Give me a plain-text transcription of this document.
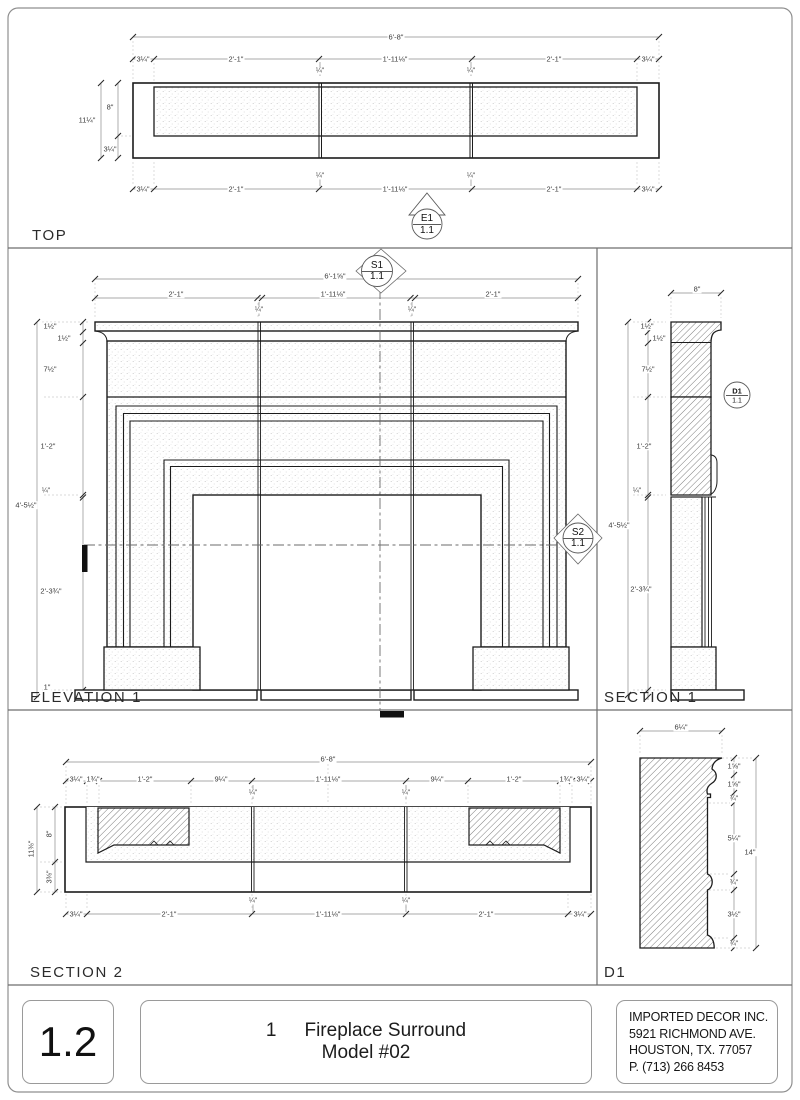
6'-8"
3¼"	2'-1"	1'-11⅛"	2'-1"	3¼"
¼"	¼"
3¼"	2'-1"	1'-11⅛"	2'-1"	3¼"
¼"	¼"
11¼"
8"
3¼"
E1
1.1
6'-1⅝"
2'-1"	1'-11⅛"	2'-1"
¼"	¼"
1½"
1½"
7½"
1'-2"
¼"
2'-3¾"
1"
4'-5½"
S1
1.1
S2
1.1
8"
1½"
1½"
7½"
1'-2"
¼"
4'-5½"
2'-3¾"
D1
1.1
6'-8"
3¼" 1¾"	1'-2"	9¼"	1'-11⅛"	9¼"	1'-2"	1¾" 3¼"
¼"	¼"
3¼"	2'-1"	1'-11⅛"	2'-1"	3¼"
¼"	¼"
11⅜"
8"
3⅜"
6¼"
1⅝"
1⅝"
¾"
5¼"
¾"
3½"
¾"
14"
TOP
ELEVATION 1	SECTION 1
SECTION 2	D1
1.2	1 Fireplace Surround
Model #02
IMPORTED DECOR INC.
5921 RICHMOND AVE.
HOUSTON, TX. 77057
P. (713) 266 8453
